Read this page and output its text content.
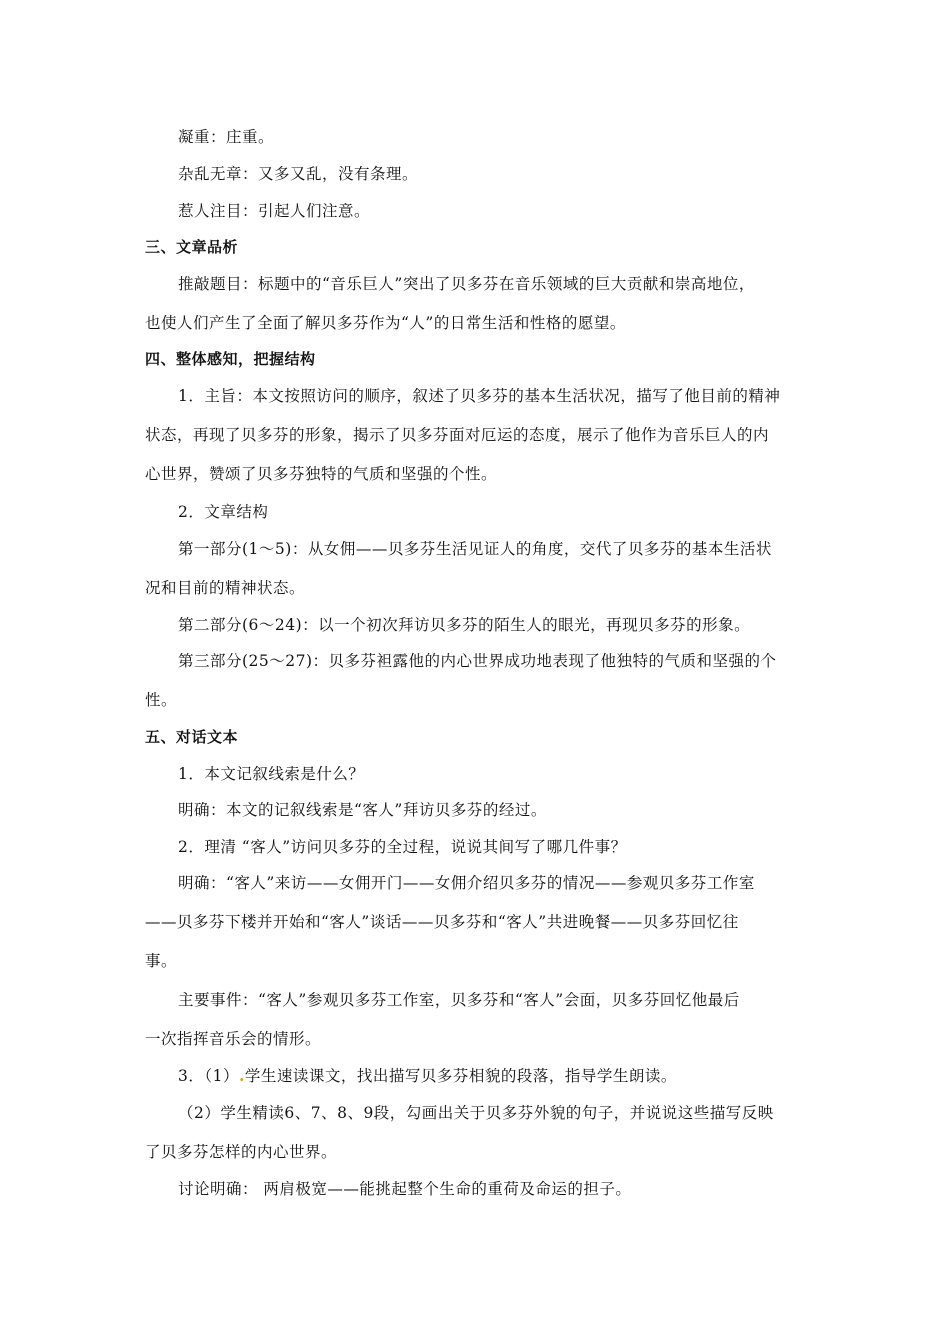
凝重：庄重。
杂乱无章：又多又乱，没有条理。
惹人注目：引起人们注意。
三、文章品析
推敲题目：标题中的“音乐巨人”突出了贝多芬在音乐领域的巨大贡献和崇高地位，
也使人们产生了全面了解贝多芬作为“人”的日常生活和性格的愿望。
四、整体感知，把握结构
1．主旨：本文按照访问的顺序，叙述了贝多芬的基本生活状况，描写了他目前的精神
状态，再现了贝多芬的形象，揭示了贝多芬面对厄运的态度，展示了他作为音乐巨人的内
心世界，赞颂了贝多芬独特的气质和坚强的个性。
2．文章结构
第一部分(1～5)：从女佣——贝多芬生活见证人的角度，交代了贝多芬的基本生活状
况和目前的精神状态。
第二部分(6～24)：以一个初次拜访贝多芬的陌生人的眼光，再现贝多芬的形象。
第三部分(25～27)：贝多芬袒露他的内心世界成功地表现了他独特的气质和坚强的个
性。
五、对话文本
1．本文记叙线索是什么？
明确：本文的记叙线索是“客人”拜访贝多芬的经过。
2．理清 “客人”访问贝多芬的全过程，说说其间写了哪几件事？
明确：“客人”来访——女佣开门——女佣介绍贝多芬的情况——参观贝多芬工作室
——贝多芬下楼并开始和“客人”谈话——贝多芬和“客人”共进晚餐——贝多芬回忆往
事。
主要事件：“客人”参观贝多芬工作室，贝多芬和“客人”会面，贝多芬回忆他最后
一次指挥音乐会的情形。
3．（1）.学生速读课文，找出描写贝多芬相貌的段落，指导学生朗读。
（2）学生精读6、7、8、9段，勾画出关于贝多芬外貌的句子，并说说这些描写反映
了贝多芬怎样的内心世界。
讨论明确： 两肩极宽——能挑起整个生命的重荷及命运的担子。
